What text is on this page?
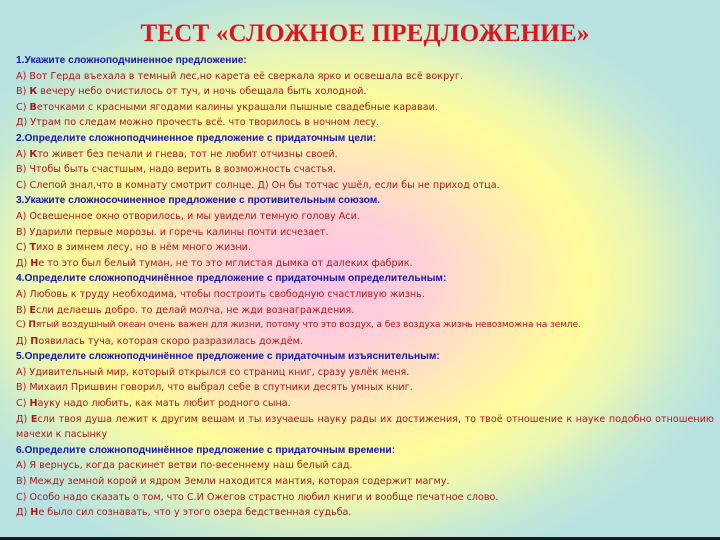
ТЕСТ «СЛОЖНОЕ ПРЕДЛОЖЕНИЕ»
1.Укажите сложноподчиненное предложение:
А) Вот Герда въехала в темный лес,но карета её сверкала ярко и освешала всё вокруг.
В) К вечеру небо очистилось от туч, и ночь обещала быть холодной.
С) Веточками с красными ягодами калины украшали пышные свадебные караваи.
Д) Утрам по следам можно прочесть всё. что творилось в ночном лесу.
2.Определите сложноподчиненное предложение с придаточным цели:
А) Кто живет без печали и гнева, тот не любит отчизны своей.
В) Чтобы быть счастшым, надо верить в возможность счастья.
С) Слепой знал,что в комнату смотрит солнце. Д) Он бы тотчас ушёл, если бы не приход отца.
3.Укажите сложносочиненное предложение с противительным союзом.
А) Освешенное окно отворилось, и мы увидели темную голову Аси.
В) Ударили первые морозы. и горечь калины почти исчезает.
С) Тихо в зимнем лесу, но в нём много жизни.
Д) Не то это был белый туман, не то это мглистая дымка от далеких фабрик.
4.Определите сложноподчинённое предложение с придаточным определительным:
А) Любовь к труду необходима, чтобы построить свободную счастливую жизнь.
В) Если делаешь добро. то делай молча, не жди вознаграждения.
С) Пятый воздушный океан очень важен для жизни, потому что это воздух, а без воздуха жизнь невозможна на земле.
Д) Появилась туча, которая скоро разразилась дождём.
5.Определите сложноподчинённое предложение с придаточным изъяснительным:
А) Удивительный мир, который открылся со страниц книг, сразу увлёк меня.
В) Михаил Пришвин говорил, что выбрал себе в спутники десять умных книг.
С) Науку надо любить, как мать любит родного сына.
Д) Если твоя душа лежит к другим вешам и ты изучаешь науку рады их достижения, то твоё отношение к науке подобно отношению мачехи к пасынку
6.Определите сложноподчинённое предложение с придаточным времени:
А) Я вернусь, когда раскинет ветви по-весеннему наш белый сад.
В) Между земной корой и ядром Земли находится мантия, которая содержит магму.
С) Особо надо сказать о том, что С.И Ожегов страстно любил книги и вообще печатное слово.
Д) Не было сил сознавать, что у этого озера бедственная судьба.
